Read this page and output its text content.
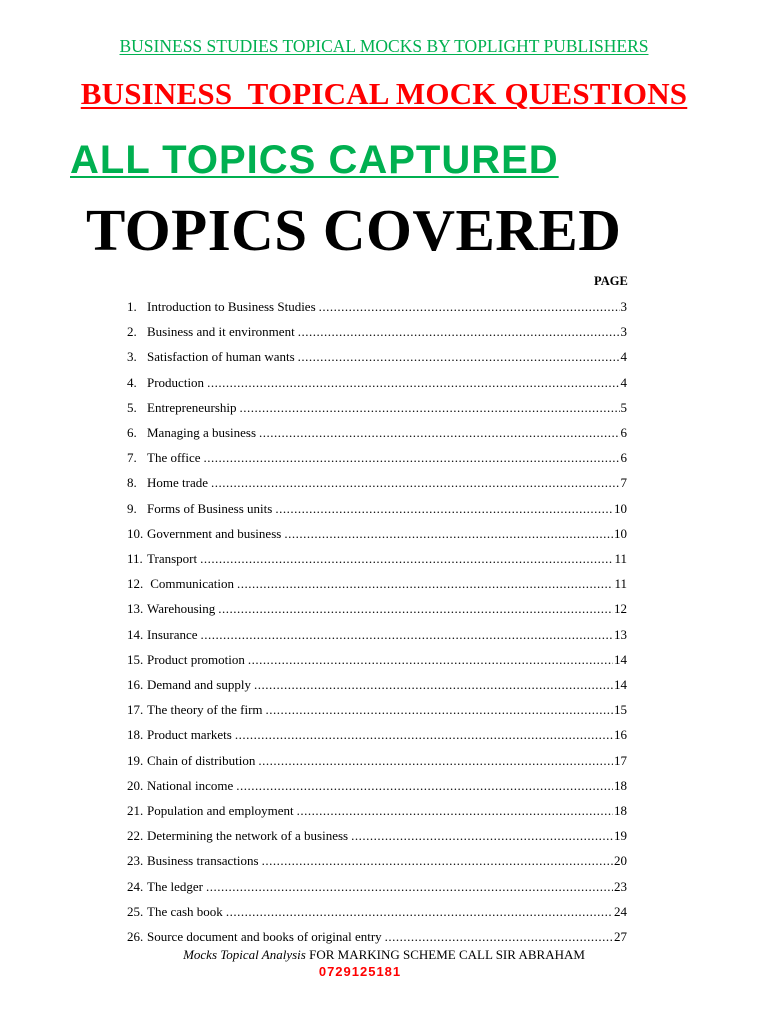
BUSINESS STUDIES TOPICAL MOCKS BY TOPLIGHT PUBLISHERS
BUSINESS  TOPICAL MOCK QUESTIONS
ALL TOPICS CAPTURED
TOPICS COVERED
PAGE
1. Introduction to Business Studies .....	3
2. Business and it environment .....	3
3. Satisfaction of human wants .....	4
4. Production .....	4
5. Entrepreneurship .....	5
6. Managing a business .....	6
7. The office .....	6
8. Home trade .....	7
9. Forms of Business units .....	10
10. Government and business .....	10
11. Transport .....	11
12. Communication .....	11
13. Warehousing .....	12
14. Insurance .....	13
15. Product promotion .....	14
16. Demand and supply .....	14
17. The theory of the firm .....	15
18. Product markets .....	16
19. Chain of distribution .....	17
20. National income .....	18
21. Population and employment .....	18
22. Determining the network of a business .....	19
23. Business transactions .....	20
24. The ledger .....	23
25. The cash book .....	24
26. Source document and books of original entry .....	27
Mocks Topical Analysis FOR MARKING SCHEME CALL SIR ABRAHAM
0729125181
